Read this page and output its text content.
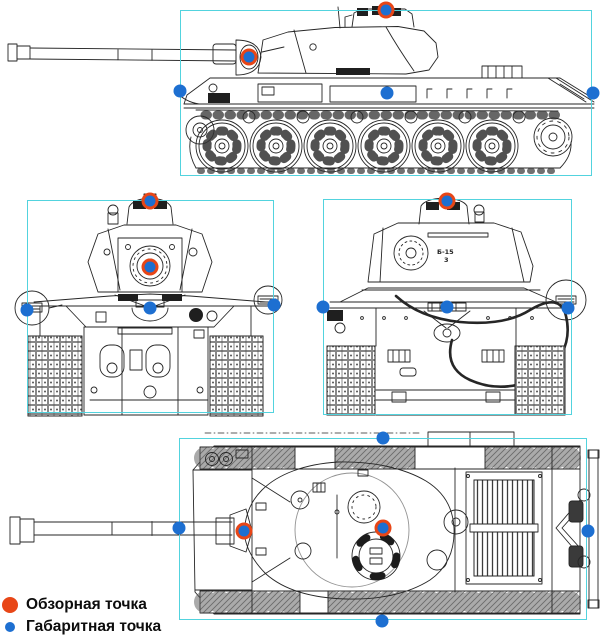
Б-15
3
Обзорная точка
Габаритная точка
